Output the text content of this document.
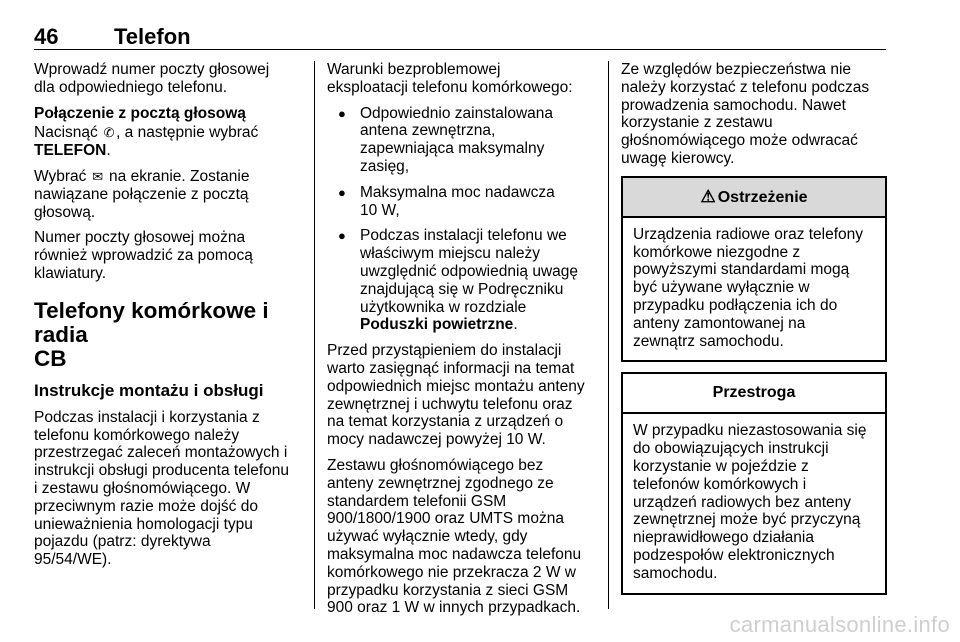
46	Telefon

Wprowadź numer poczty głosowej
dla odpowiedniego telefonu.

Połączenie z pocztą głosową

Nacisnąć ✆, a następnie wybrać
TELEFON.

Wybrać ✉ na ekranie. Zostanie
nawiązane połączenie z pocztą
głosową.

Numer poczty głosowej można
również wprowadzić za pomocą
klawiatury.

Telefony komórkowe i radia
CB
Instrukcje montażu i obsługi

Podczas instalacji i korzystania z
telefonu komórkowego należy
przestrzegać zaleceń montażowych i
instrukcji obsługi producenta telefonu
i zestawu głośnomówiącego. W
przeciwnym razie może dojść do
unieważnienia homologacji typu
pojazdu (patrz: dyrektywa
95/54/WE).

Warunki bezproblemowej
eksploatacji telefonu komórkowego:

● Odpowiednio zainstalowana
antena zewnętrzna,
zapewniająca maksymalny
zasięg,
● Maksymalna moc nadawcza
10 W,
● Podczas instalacji telefonu we
właściwym miejscu należy
uwzględnić odpowiednią uwagę
znajdującą się w Podręczniku
użytkownika w rozdziale
Poduszki powietrzne.

Przed przystąpieniem do instalacji
warto zasięgnąć informacji na temat
odpowiednich miejsc montażu anteny
zewnętrznej i uchwytu telefonu oraz
na temat korzystania z urządzeń o
mocy nadawczej powyżej 10 W.

Zestawu głośnomówiącego bez
anteny zewnętrznej zgodnego ze
standardem telefonii GSM
900/1800/1900 oraz UMTS można
używać wyłącznie wtedy, gdy
maksymalna moc nadawcza telefonu
komórkowego nie przekracza 2 W w
przypadku korzystania z sieci GSM
900 oraz 1 W w innych przypadkach.

Ze względów bezpieczeństwa nie
należy korzystać z telefonu podczas
prowadzenia samochodu. Nawet
korzystanie z zestawu
głośnomówiącego może odwracać
uwagę kierowcy.

⚠ Ostrzeżenie
Urządzenia radiowe oraz telefony
komórkowe niezgodne z
powyższymi standardami mogą
być używane wyłącznie w
przypadku podłączenia ich do
anteny zamontowanej na
zewnątrz samochodu.
Przestroga
W przypadku niezastosowania się
do obowiązujących instrukcji
korzystanie w pojeździe z
telefonów komórkowych i
urządzeń radiowych bez anteny
zewnętrznej może być przyczyną
nieprawidłowego działania
podzespołów elektronicznych
samochodu.
carmanualsonline.info
